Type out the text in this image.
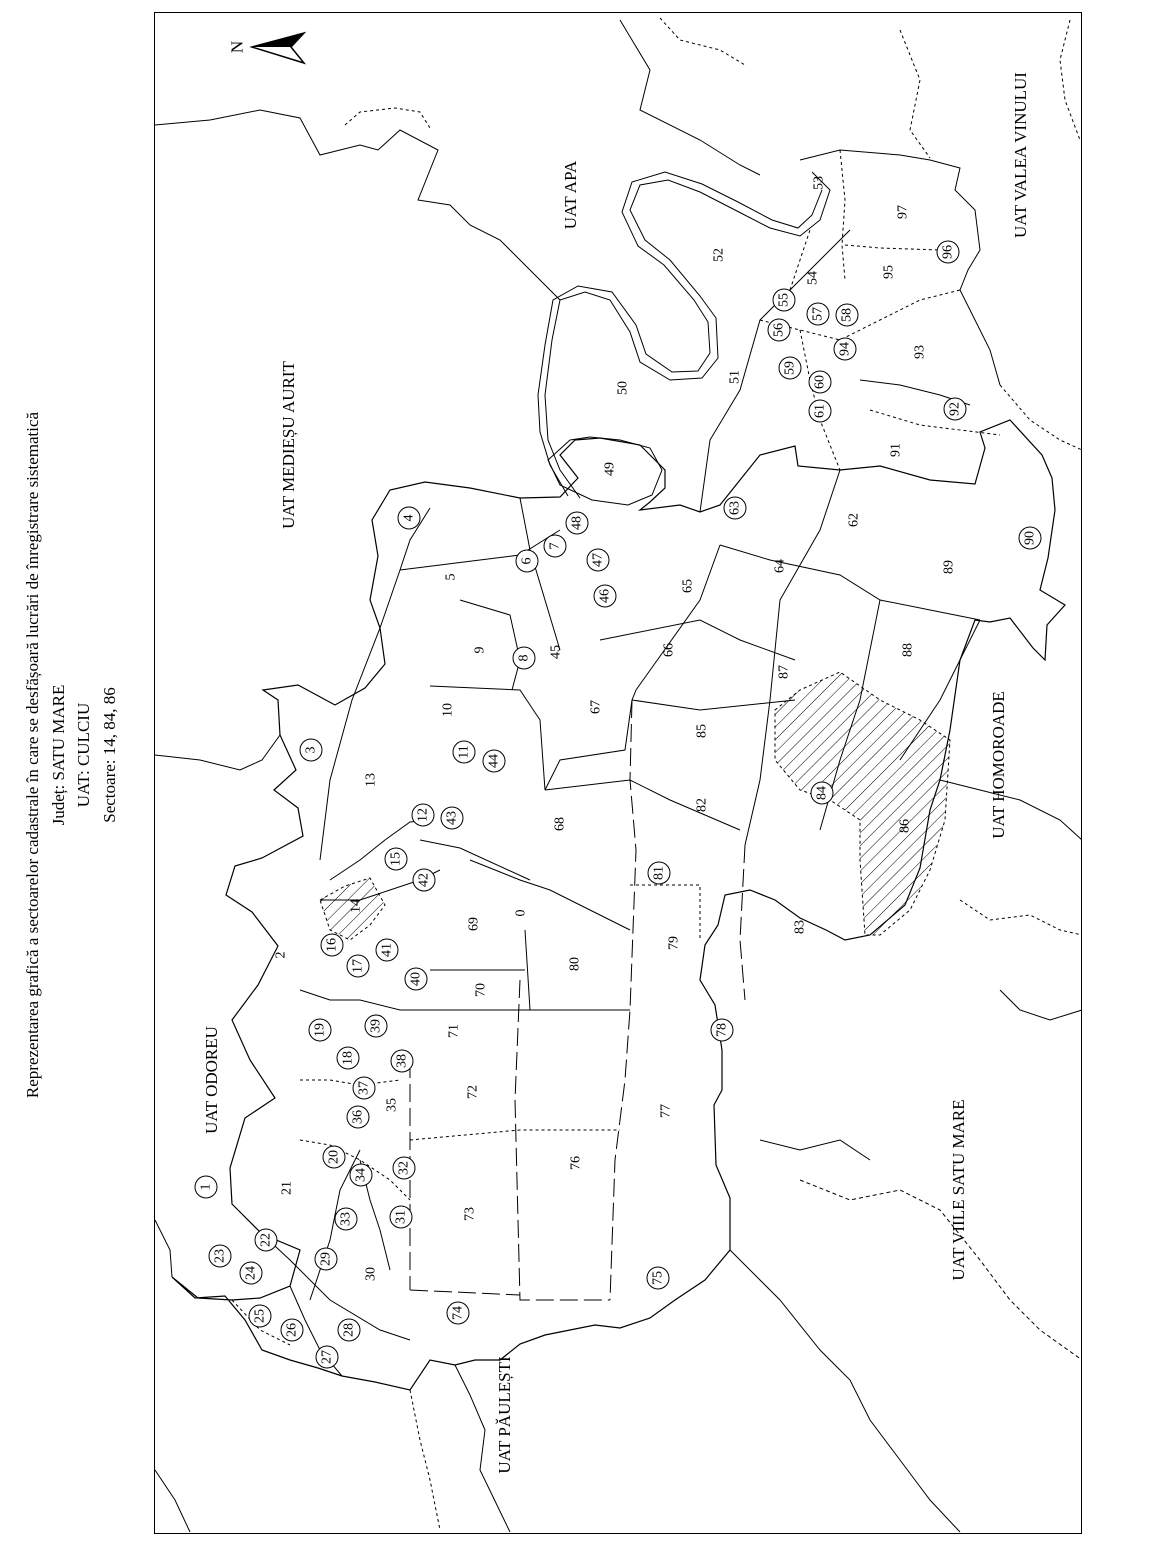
Reprezentarea grafică a sectoarelor cadastrale în care se desfășoară lucrări de înregistrare sistematică Județ: SATU MARE UAT: CULCIU Sectoare: 14, 84, 86
UAT MEDIEȘU AURIT
UAT APA	UAT VALEA VINULUI
UAT ODOREU
UAT HOMOROADE
UAT PĂULEȘTI
UAT VIILE SATU MARE
0
1
2
3
4
5
6
7
8
9
10
11
12
13
14
15
16
17
18
19
20
21
22
23
24
25
26
27
28
29
30
31
32
33
34
35
36
37
38
39
40
41
42
43
44
45
46
47
48
49
50
51
52
53
54
55
56
57 58
59
60
61
62
63
64
65
66
67
68
69
70
71
72
73
74
75
76
77
78
79
80
81
82
83
84
85
86
87
88
89
90
91
92
93
94
95
96
97
N
